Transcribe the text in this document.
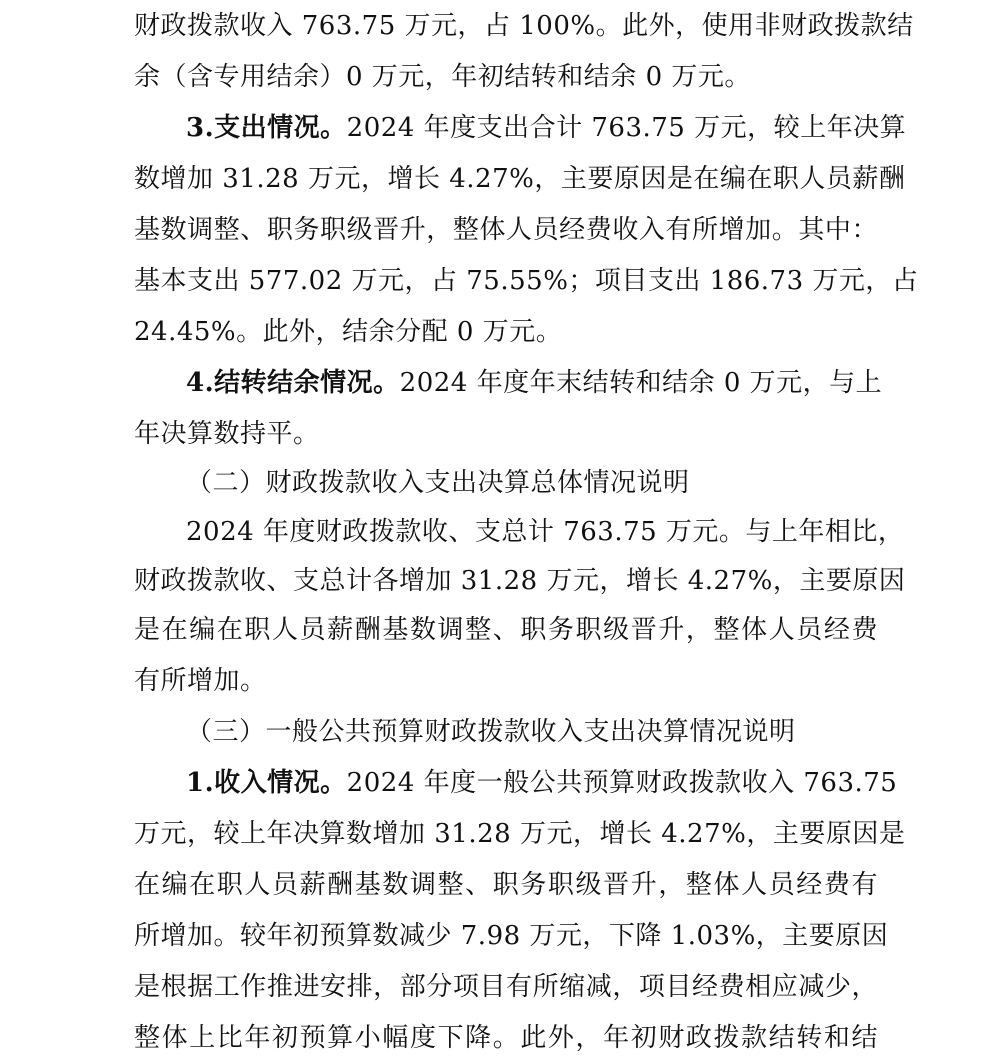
财政拨款收入 763.75 万元，占 100%。此外，使用非财政拨款结
余（含专用结余）0 万元，年初结转和结余 0 万元。
3.支出情况。2024 年度支出合计 763.75 万元，较上年决算
数增加 31.28 万元，增长 4.27%，主要原因是在编在职人员薪酬
基数调整、职务职级晋升，整体人员经费收入有所增加。其中：
基本支出 577.02 万元，占 75.55%；项目支出 186.73 万元，占
24.45%。此外，结余分配 0 万元。
4.结转结余情况。2024 年度年末结转和结余 0 万元，与上
年决算数持平。
（二）财政拨款收入支出决算总体情况说明
2024 年度财政拨款收、支总计 763.75 万元。与上年相比，
财政拨款收、支总计各增加 31.28 万元，增长 4.27%，主要原因
是在编在职人员薪酬基数调整、职务职级晋升，整体人员经费
有所增加。
（三）一般公共预算财政拨款收入支出决算情况说明
1.收入情况。2024 年度一般公共预算财政拨款收入 763.75
万元，较上年决算数增加 31.28 万元，增长 4.27%，主要原因是
在编在职人员薪酬基数调整、职务职级晋升，整体人员经费有
所增加。较年初预算数减少 7.98 万元，下降 1.03%，主要原因
是根据工作推进安排，部分项目有所缩减，项目经费相应减少，
整体上比年初预算小幅度下降。此外，年初财政拨款结转和结
